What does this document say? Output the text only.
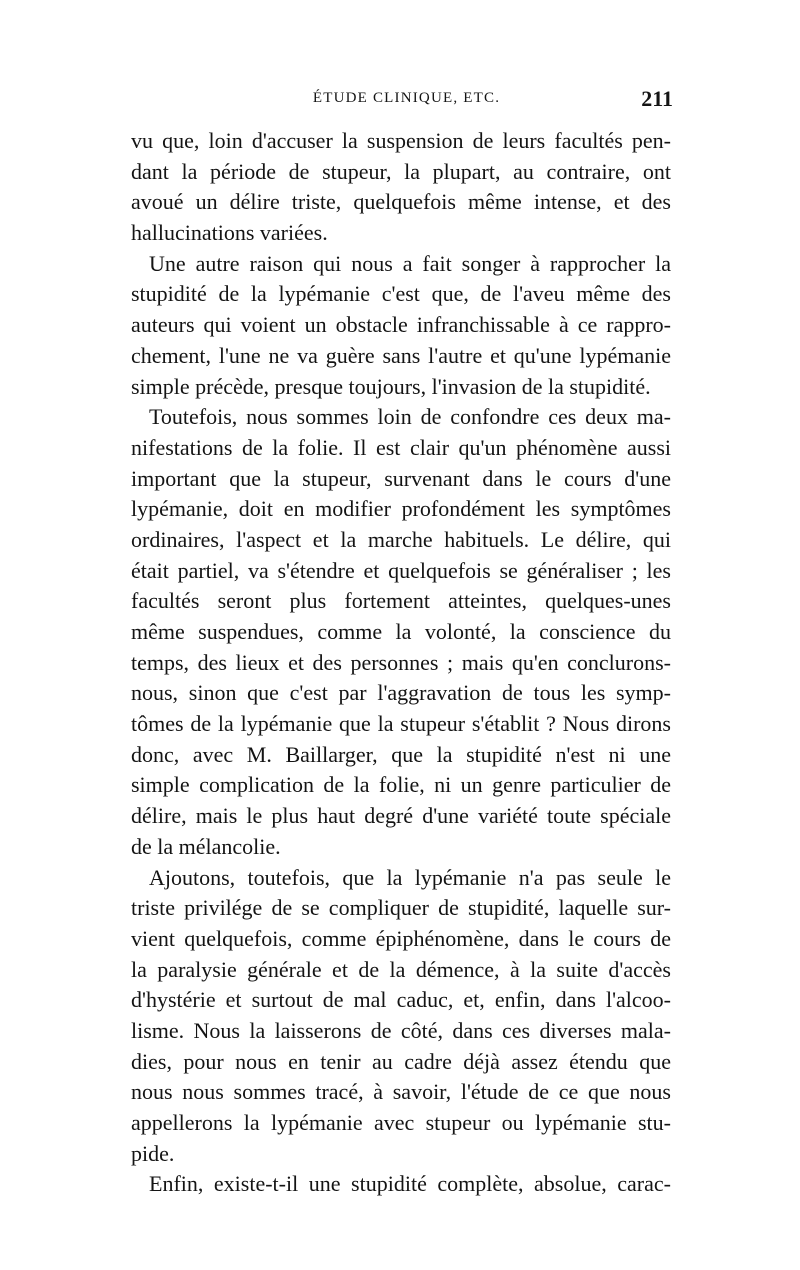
ÉTUDE CLINIQUE, ETC.	211
vu que, loin d'accuser la suspension de leurs facultés pen-
dant la période de stupeur, la plupart, au contraire, ont
avoué un délire triste, quelquefois même intense, et des
hallucinations variées.
Une autre raison qui nous a fait songer à rapprocher la
stupidité de la lypémanie c'est que, de l'aveu même des
auteurs qui voient un obstacle infranchissable à ce rappro-
chement, l'une ne va guère sans l'autre et qu'une lypémanie
simple précède, presque toujours, l'invasion de la stupidité.
Toutefois, nous sommes loin de confondre ces deux ma-
nifestations de la folie. Il est clair qu'un phénomène aussi
important que la stupeur, survenant dans le cours d'une
lypémanie, doit en modifier profondément les symptômes
ordinaires, l'aspect et la marche habituels. Le délire, qui
était partiel, va s'étendre et quelquefois se généraliser ; les
facultés seront plus fortement atteintes, quelques-unes
même suspendues, comme la volonté, la conscience du
temps, des lieux et des personnes ; mais qu'en conclurons-
nous, sinon que c'est par l'aggravation de tous les symp-
tômes de la lypémanie que la stupeur s'établit ? Nous dirons
donc, avec M. Baillarger, que la stupidité n'est ni une
simple complication de la folie, ni un genre particulier de
délire, mais le plus haut degré d'une variété toute spéciale
de la mélancolie.
Ajoutons, toutefois, que la lypémanie n'a pas seule le
triste privilége de se compliquer de stupidité, laquelle sur-
vient quelquefois, comme épiphénomène, dans le cours de
la paralysie générale et de la démence, à la suite d'accès
d'hystérie et surtout de mal caduc, et, enfin, dans l'alcoo-
lisme. Nous la laisserons de côté, dans ces diverses mala-
dies, pour nous en tenir au cadre déjà assez étendu que
nous nous sommes tracé, à savoir, l'étude de ce que nous
appellerons la lypémanie avec stupeur ou lypémanie stu-
pide.
Enfin, existe-t-il une stupidité complète, absolue, carac-
